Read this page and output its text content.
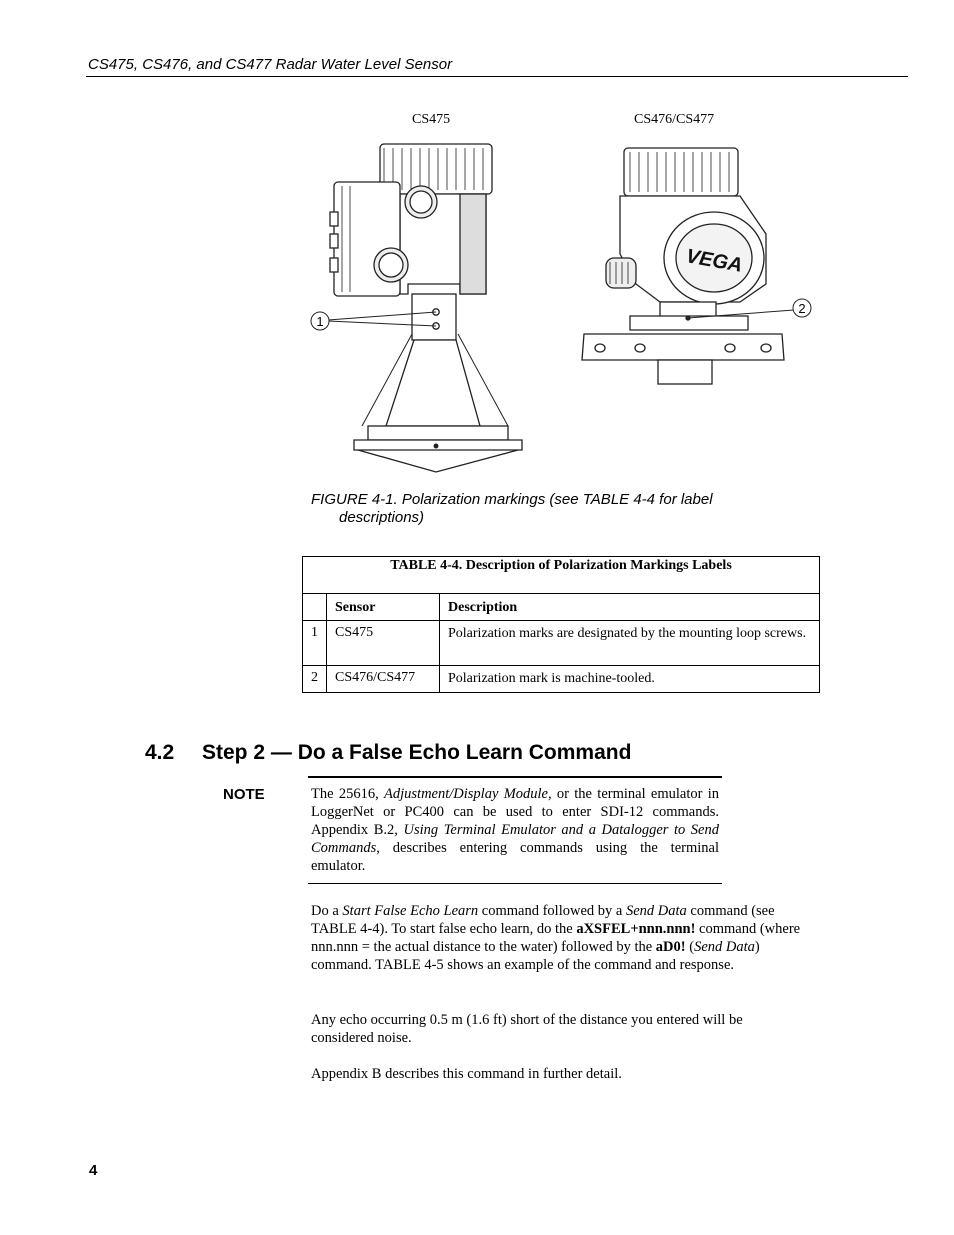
CS475, CS476, and CS477 Radar Water Level Sensor
CS475	CS476/CS477
VEGA
1
2
FIGURE 4-1. Polarization markings (see TABLE 4-4 for label
descriptions)
TABLE 4-4. Description of Polarization Markings Labels		
	Sensor	Description
1	CS475	Polarization marks are designated by the mounting loop screws.
2	CS476/CS477	Polarization mark is machine-tooled.
4.2 Step 2 — Do a False Echo Learn Command
NOTE	The 25616, Adjustment/Display Module, or the terminal emulator in LoggerNet or PC400 can be used to enter SDI-12 commands. Appendix B.2, Using Terminal Emulator and a Datalogger to Send Commands, describes entering commands using the terminal emulator.
Do a Start False Echo Learn command followed by a Send Data command (see TABLE 4-4). To start false echo learn, do the aXSFEL+nnn.nnn! command (where nnn.nnn = the actual distance to the water) followed by the aD0! (Send Data) command. TABLE 4-5 shows an example of the command and response.
Any echo occurring 0.5 m (1.6 ft) short of the distance you entered will be considered noise.
Appendix B describes this command in further detail.
4
